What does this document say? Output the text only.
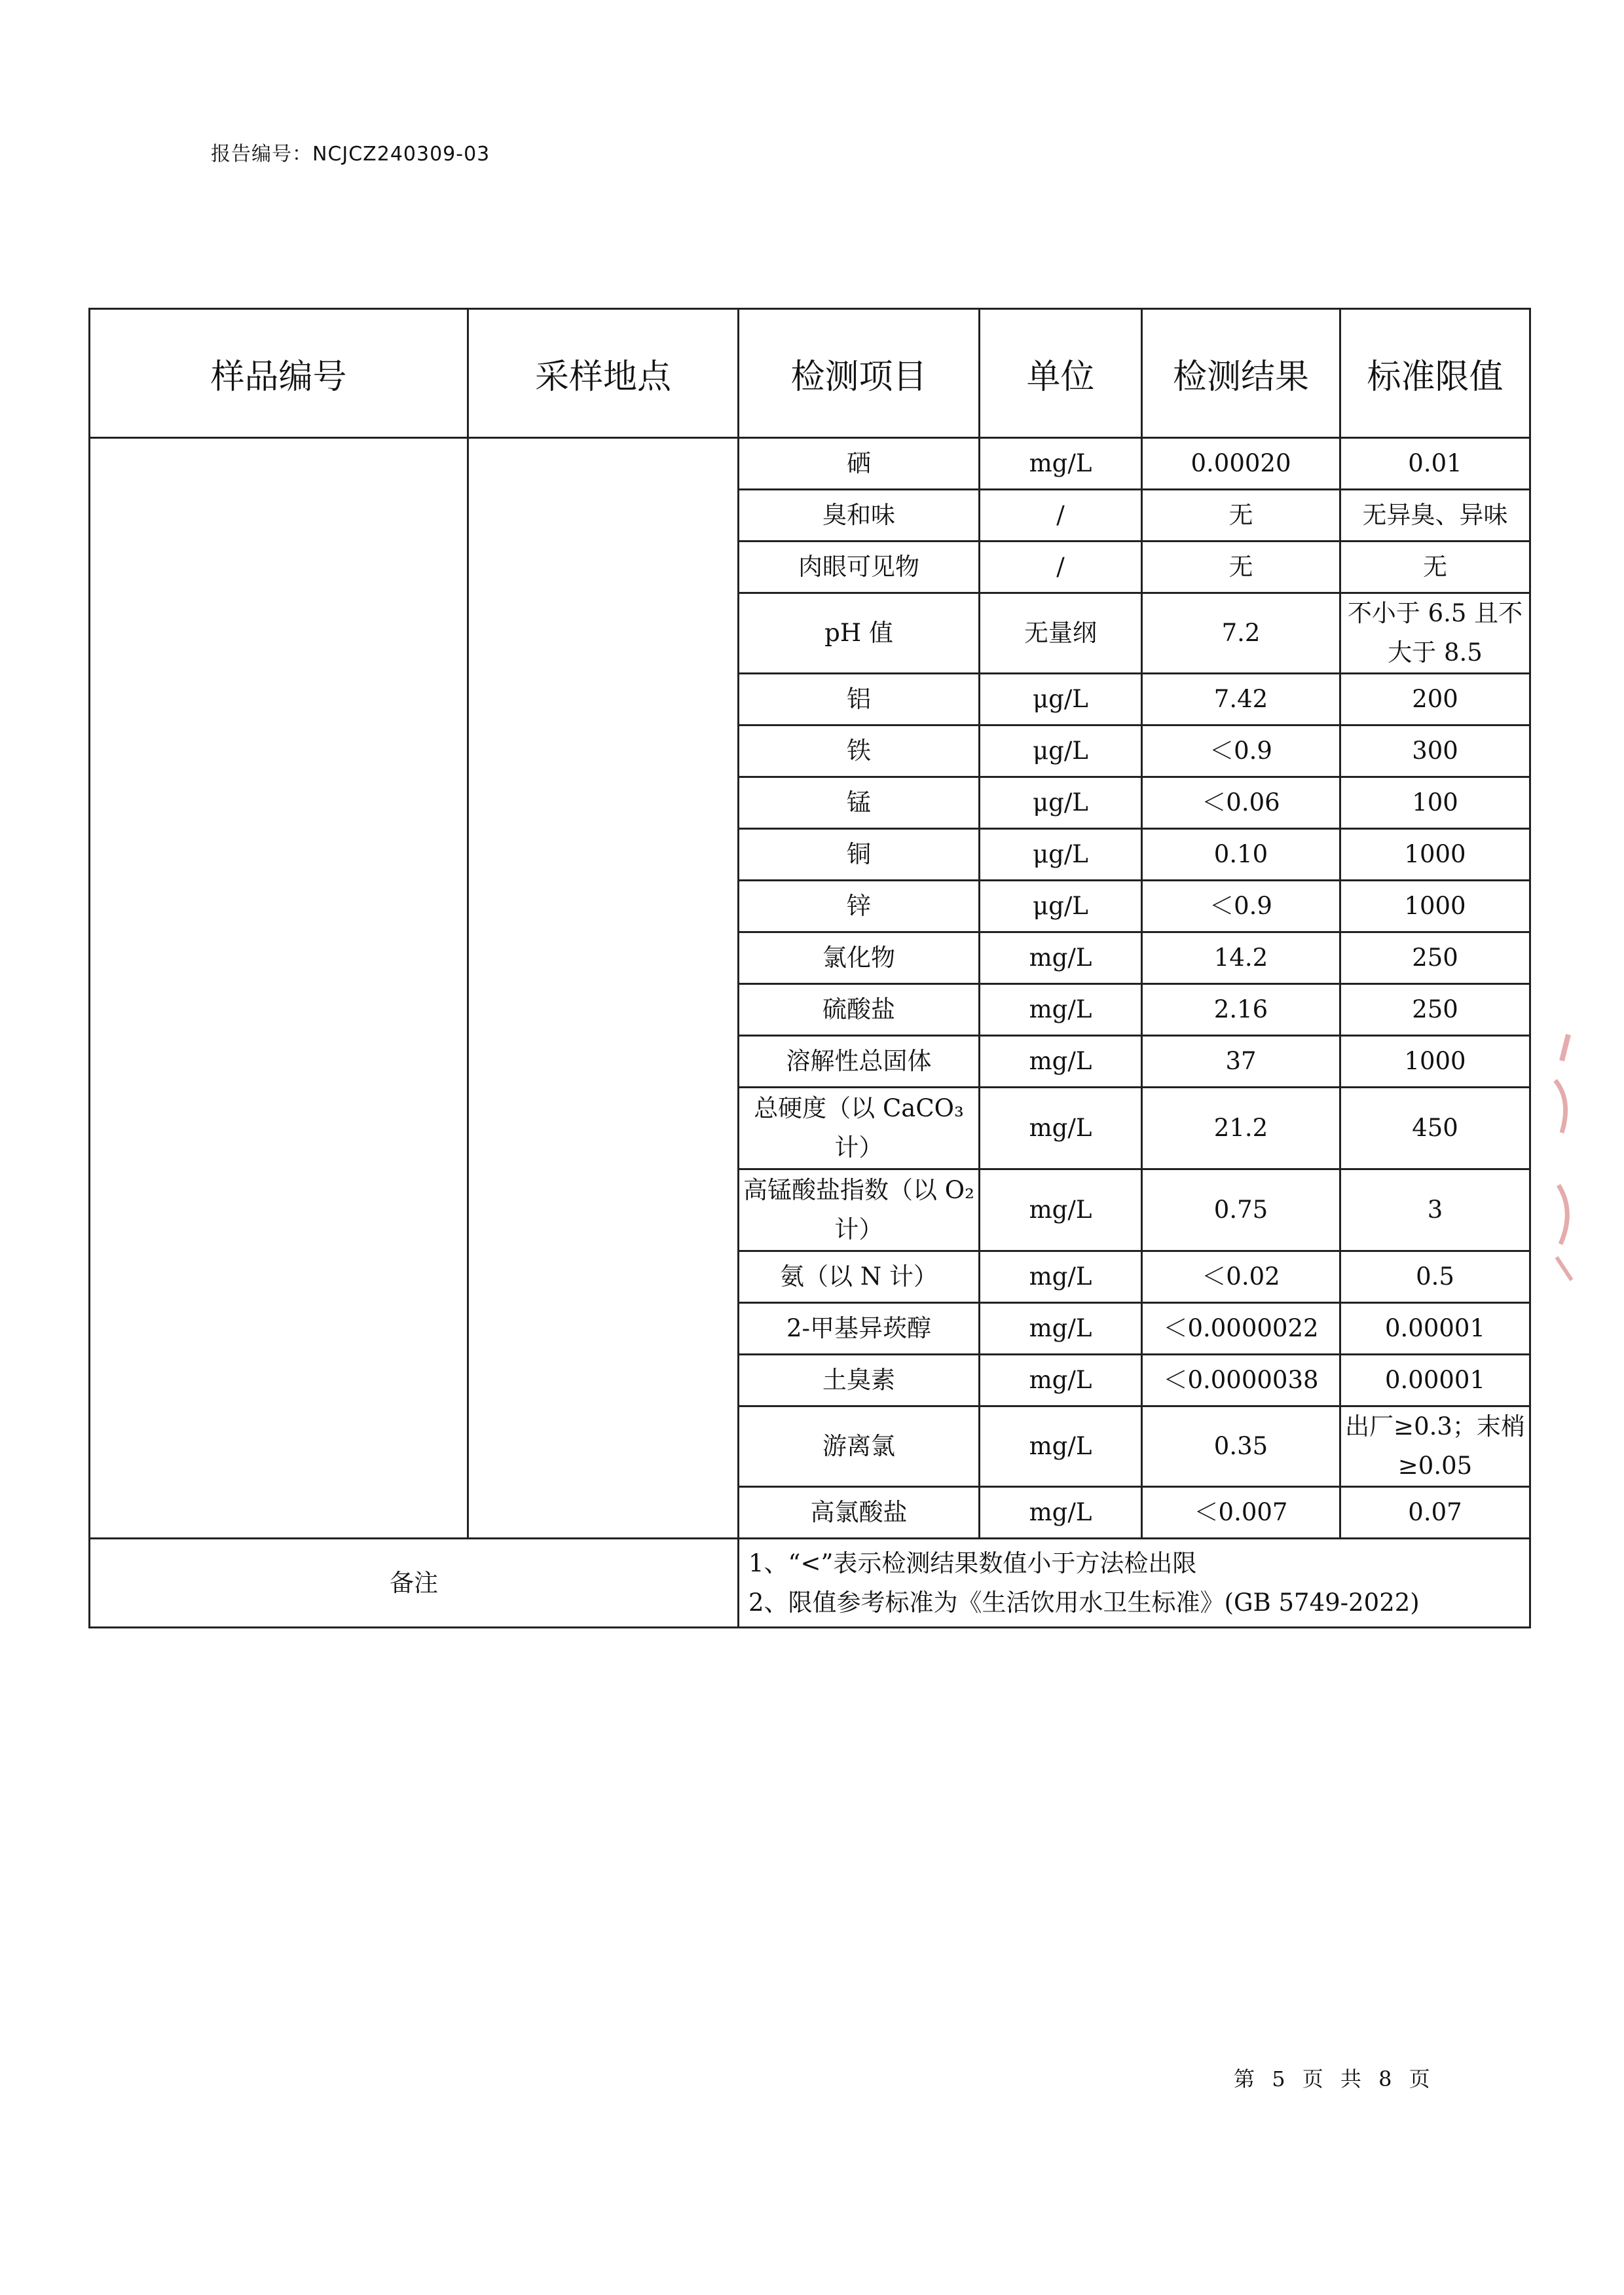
报告编号：NCJCZ240309-03
样品编号	采样地点	检测项目	单位	检测结果	标准限值
		硒	mg/L	0.00020	0.01
		臭和味	/	无	无异臭、异味
		肉眼可见物	/	无	无
		pH 值	无量纲	7.2	不小于 6.5 且不大于 8.5
		铝	μg/L	7.42	200
		铁	μg/L	＜0.9	300
		锰	μg/L	＜0.06	100
		铜	μg/L	0.10	1000
		锌	μg/L	＜0.9	1000
		氯化物	mg/L	14.2	250
		硫酸盐	mg/L	2.16	250
		溶解性总固体	mg/L	37	1000
		总硬度（以 CaCO₃ 计）	mg/L	21.2	450
		高锰酸盐指数（以 O₂计）	mg/L	0.75	3
		氨（以 N 计）	mg/L	＜0.02	0.5
		2-甲基异莰醇	mg/L	＜0.0000022	0.00001
		土臭素	mg/L	＜0.0000038	0.00001
		游离氯	mg/L	0.35	出厂≥0.3；末梢≥0.05
		高氯酸盐	mg/L	＜0.007	0.07
备注		1、“<”表示检测结果数值小于方法检出限
2、限值参考标准为《生活饮用水卫生标准》(GB 5749-2022)			
第 5 页 共 8 页
